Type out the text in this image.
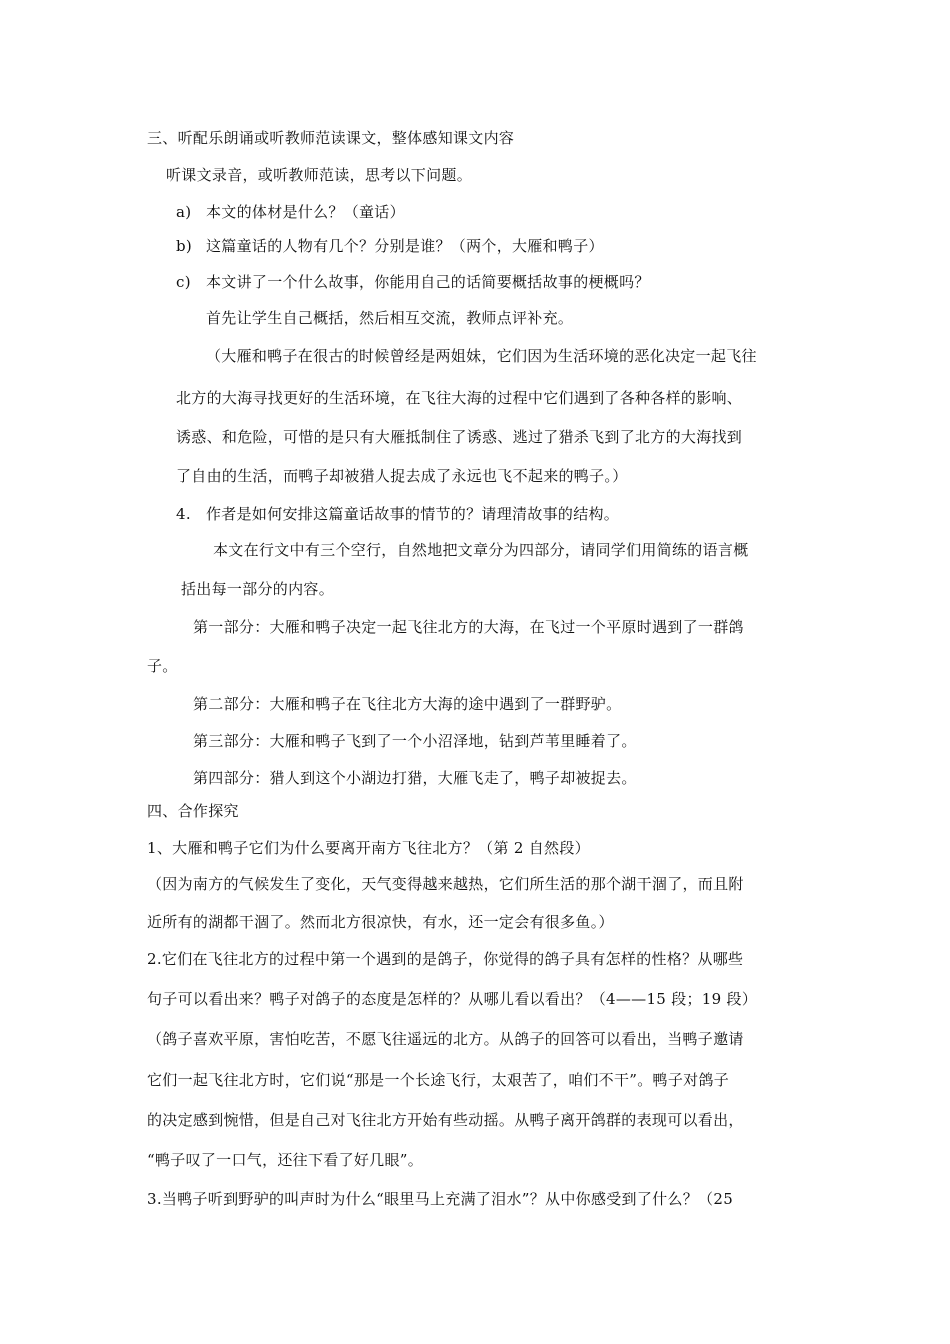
三、听配乐朗诵或听教师范读课文，整体感知课文内容
听课文录音，或听教师范读，思考以下问题。
a) 本文的体材是什么？（童话）
b) 这篇童话的人物有几个？分别是谁？（两个，大雁和鸭子）
c) 本文讲了一个什么故事，你能用自己的话简要概括故事的梗概吗？
首先让学生自己概括，然后相互交流，教师点评补充。
（大雁和鸭子在很古的时候曾经是两姐妹，它们因为生活环境的恶化决定一起飞往
北方的大海寻找更好的生活环境，在飞往大海的过程中它们遇到了各种各样的影响、
诱惑、和危险，可惜的是只有大雁抵制住了诱惑、逃过了猎杀飞到了北方的大海找到
了自由的生活，而鸭子却被猎人捉去成了永远也飞不起来的鸭子。）
4. 作者是如何安排这篇童话故事的情节的？请理清故事的结构。
本文在行文中有三个空行，自然地把文章分为四部分，请同学们用简练的语言概
括出每一部分的内容。
第一部分：大雁和鸭子决定一起飞往北方的大海，在飞过一个平原时遇到了一群鸽
子。
第二部分：大雁和鸭子在飞往北方大海的途中遇到了一群野驴。
第三部分：大雁和鸭子飞到了一个小沼泽地，钻到芦苇里睡着了。
第四部分：猎人到这个小湖边打猎，大雁飞走了，鸭子却被捉去。
四、合作探究
1、大雁和鸭子它们为什么要离开南方飞往北方？（第 2 自然段）
（因为南方的气候发生了变化，天气变得越来越热，它们所生活的那个湖干涸了，而且附
近所有的湖都干涸了。然而北方很凉快，有水，还一定会有很多鱼。）
2.它们在飞往北方的过程中第一个遇到的是鸽子，你觉得的鸽子具有怎样的性格？从哪些
句子可以看出来？鸭子对鸽子的态度是怎样的？从哪儿看以看出？（4——15 段；19 段）
（鸽子喜欢平原，害怕吃苦，不愿飞往遥远的北方。从鸽子的回答可以看出，当鸭子邀请
它们一起飞往北方时，它们说“那是一个长途飞行，太艰苦了，咱们不干”。鸭子对鸽子
的决定感到惋惜，但是自己对飞往北方开始有些动摇。从鸭子离开鸽群的表现可以看出，
“鸭子叹了一口气，还往下看了好几眼”。
3.当鸭子听到野驴的叫声时为什么“眼里马上充满了泪水”？从中你感受到了什么？（25
